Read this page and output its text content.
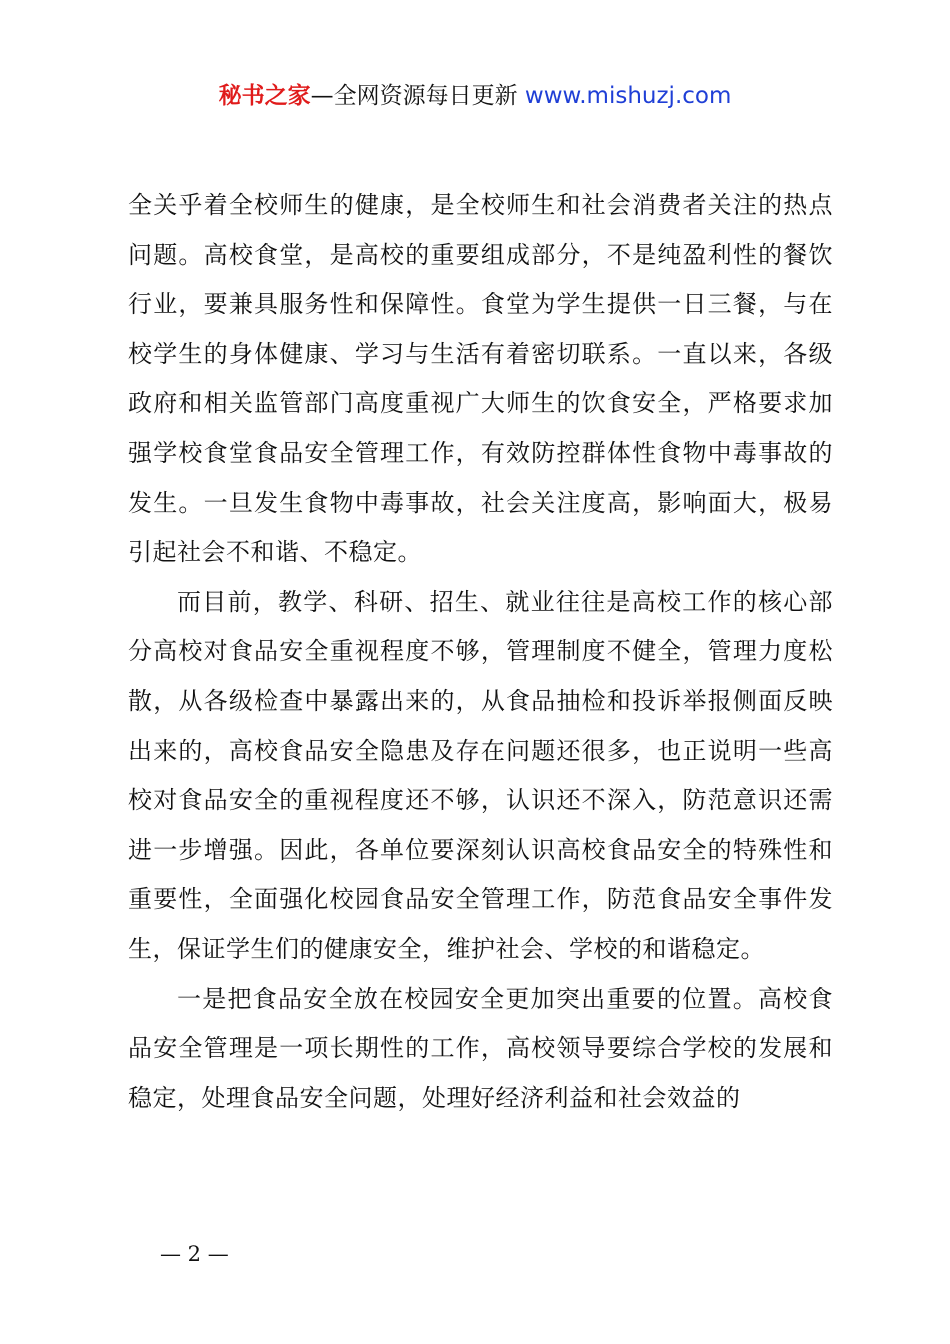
秘书之家—全网资源每日更新 www.mishuzj.com

全关乎着全校师生的健康，是全校师生和社会消费者关注的热点问题。高校食堂，是高校的重要组成部分，不是纯盈利性的餐饮行业，要兼具服务性和保障性。食堂为学生提供一日三餐，与在校学生的身体健康、学习与生活有着密切联系。一直以来，各级政府和相关监管部门高度重视广大师生的饮食安全，严格要求加强学校食堂食品安全管理工作，有效防控群体性食物中毒事故的发生。一旦发生食物中毒事故，社会关注度高，影响面大，极易引起社会不和谐、不稳定。

而目前，教学、科研、招生、就业往往是高校工作的核心部分高校对食品安全重视程度不够，管理制度不健全，管理力度松散，从各级检查中暴露出来的，从食品抽检和投诉举报侧面反映出来的，高校食品安全隐患及存在问题还很多，也正说明一些高校对食品安全的重视程度还不够，认识还不深入，防范意识还需进一步增强。因此，各单位要深刻认识高校食品安全的特殊性和重要性，全面强化校园食品安全管理工作，防范食品安全事件发生，保证学生们的健康安全，维护社会、学校的和谐稳定。

一是把食品安全放在校园安全更加突出重要的位置。高校食品安全管理是一项长期性的工作，高校领导要综合学校的发展和稳定，处理食品安全问题，处理好经济利益和社会效益的

— 2 —
